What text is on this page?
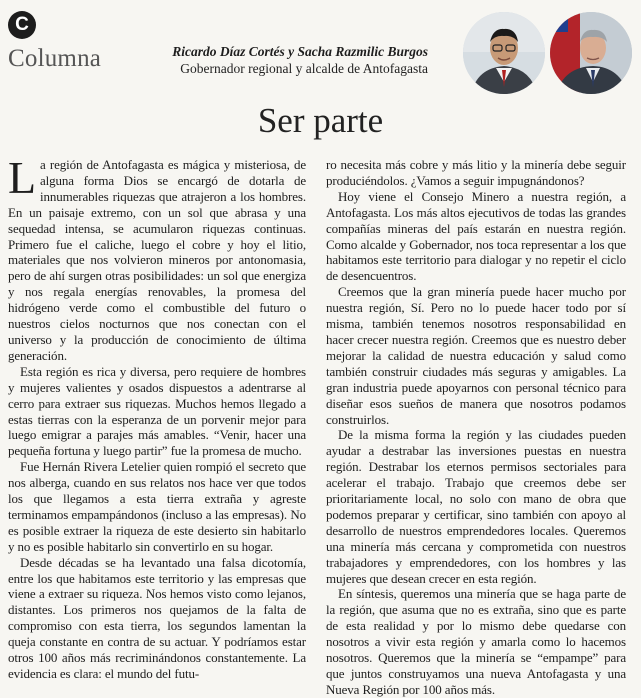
C
Columna	Ricardo Díaz Cortés y Sacha Razmilic Burgos
Gobernador regional y alcalde de Antofagasta
Ser parte

La región de Antofagasta es mágica y misteriosa, de alguna forma Dios se encargó de dotarla de innumerables riquezas que atrajeron a los hombres. En un paisaje extremo, con un sol que abrasa y una sequedad intensa, se acumularon riquezas continuas. Primero fue el caliche, luego el cobre y hoy el litio, materiales que nos volvieron mineros por antonomasia, pero de ahí surgen otras posibilidades: un sol que energiza y nos regala energías renovables, la promesa del hidrógeno verde como el combustible del futuro o nuestros cielos nocturnos que nos conectan con el universo y la producción de conocimiento de última generación.

Esta región es rica y diversa, pero requiere de hombres y mujeres valientes y osados dispuestos a adentrarse al cerro para extraer sus riquezas. Muchos hemos llegado a estas tierras con la esperanza de un porvenir mejor para luego emigrar a parajes más amables. “Venir, hacer una pequeña fortuna y luego partir” fue la promesa de mucho.

Fue Hernán Rivera Letelier quien rompió el secreto que nos alberga, cuando en sus relatos nos hace ver que todos los que llegamos a esta tierra extraña y agreste terminamos empampándonos (incluso a las empresas). No es posible extraer la riqueza de este desierto sin habitarlo y no es posible habitarlo sin convertirlo en su hogar.

Desde décadas se ha levantado una falsa dicotomía, entre los que habitamos este territorio y las empresas que viene a extraer su riqueza. Nos hemos visto como lejanos, distantes. Los primeros nos quejamos de la falta de compromiso con esta tierra, los segundos lamentan la queja constante en contra de su actuar. Y podríamos estar otros 100 años más recriminándonos constantemente. La evidencia es clara: el mundo del futu-

ro necesita más cobre y más litio y la minería debe seguir produciéndolos. ¿Vamos a seguir impugnándonos?

Hoy viene el Consejo Minero a nuestra región, a Antofagasta. Los más altos ejecutivos de todas las grandes compañías mineras del país estarán en nuestra región. Como alcalde y Gobernador, nos toca representar a los que habitamos este territorio para dialogar y no repetir el ciclo de desencuentros.

Creemos que la gran minería puede hacer mucho por nuestra región, Sí. Pero no lo puede hacer todo por sí misma, también tenemos nosotros responsabilidad en hacer crecer nuestra región. Creemos que es nuestro deber mejorar la calidad de nuestra educación y salud como también construir ciudades más seguras y amigables. La gran industria puede apoyarnos con personal técnico para diseñar esos sueños de manera que nosotros podamos construirlos.

De la misma forma la región y las ciudades pueden ayudar a destrabar las inversiones puestas en nuestra región. Destrabar los eternos permisos sectoriales para acelerar el trabajo. Trabajo que creemos debe ser prioritariamente local, no solo con mano de obra que podemos preparar y certificar, sino también con apoyo al desarrollo de nuestros emprendedores locales. Queremos una minería más cercana y comprometida con nuestros trabajadores y emprendedores, con los hombres y las mujeres que desean crecer en esta región.

En síntesis, queremos una minería que se haga parte de la región, que asuma que no es extraña, sino que es parte de esta realidad y por lo mismo debe quedarse con nosotros a vivir esta región y amarla como lo hacemos nosotros. Queremos que la minería se “empampe” para que juntos construyamos una nueva Antofagasta y una Nueva Región por 100 años más.
